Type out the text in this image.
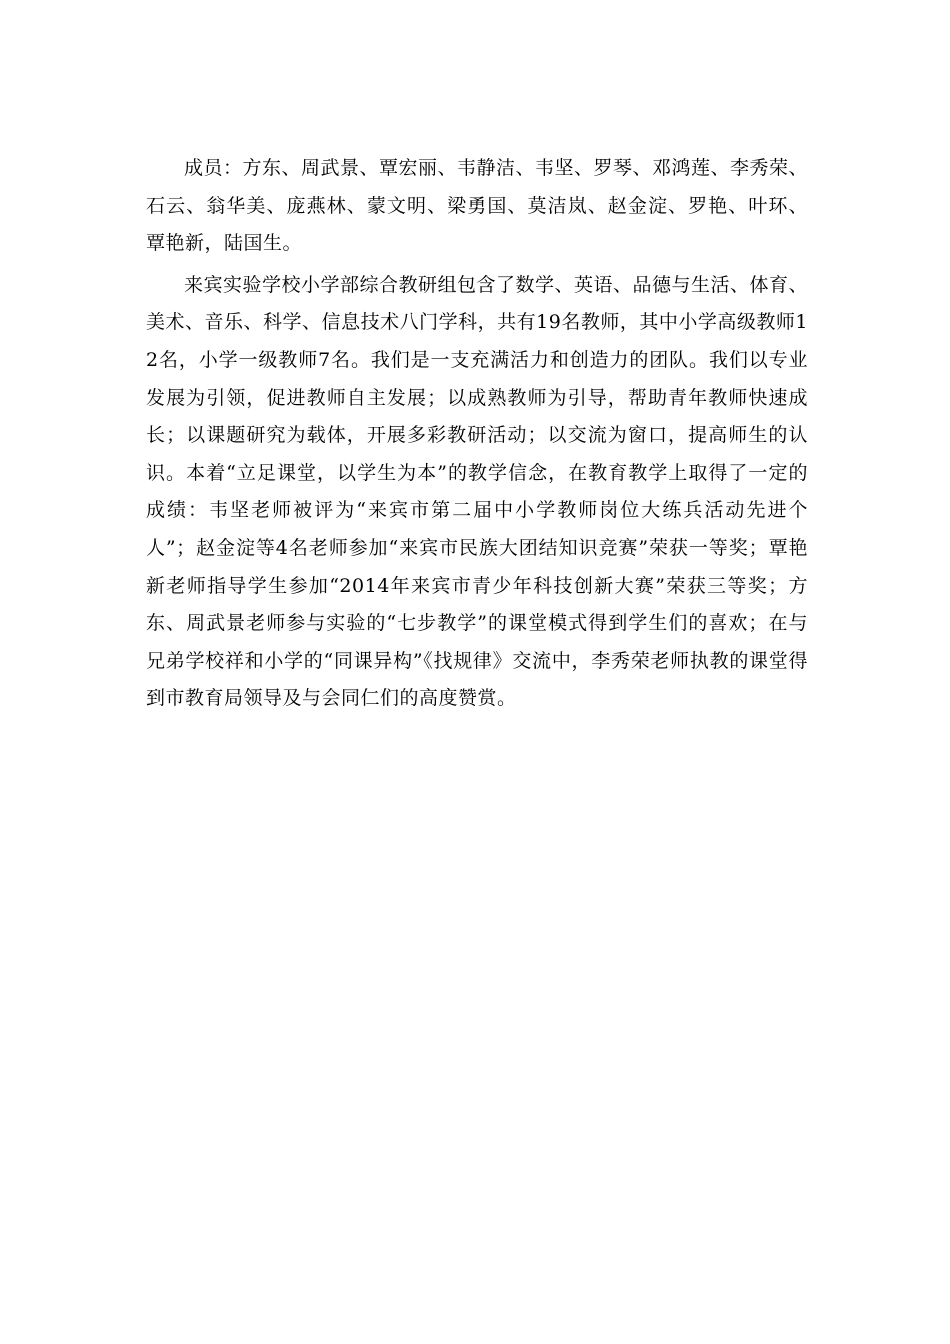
成员：方东、周武景、覃宏丽、韦静洁、韦坚、罗琴、邓鸿莲、李秀荣、石云、翁华美、庞燕林、蒙文明、梁勇国、莫洁岚、赵金淀、罗艳、叶环、覃艳新，陆国生。

来宾实验学校小学部综合教研组包含了数学、英语、品德与生活、体育、美术、音乐、科学、信息技术八门学科，共有19名教师，其中小学高级教师12名，小学一级教师7名。我们是一支充满活力和创造力的团队。我们以专业发展为引领，促进教师自主发展；以成熟教师为引导，帮助青年教师快速成长；以课题研究为载体，开展多彩教研活动；以交流为窗口，提高师生的认识。本着“立足课堂，以学生为本”的教学信念，在教育教学上取得了一定的成绩：韦坚老师被评为“来宾市第二届中小学教师岗位大练兵活动先进个人”；赵金淀等4名老师参加“来宾市民族大团结知识竞赛”荣获一等奖；覃艳新老师指导学生参加“2014年来宾市青少年科技创新大赛”荣获三等奖；方东、周武景老师参与实验的“七步教学”的课堂模式得到学生们的喜欢；在与兄弟学校祥和小学的“同课异构”《找规律》交流中，李秀荣老师执教的课堂得到市教育局领导及与会同仁们的高度赞赏。
